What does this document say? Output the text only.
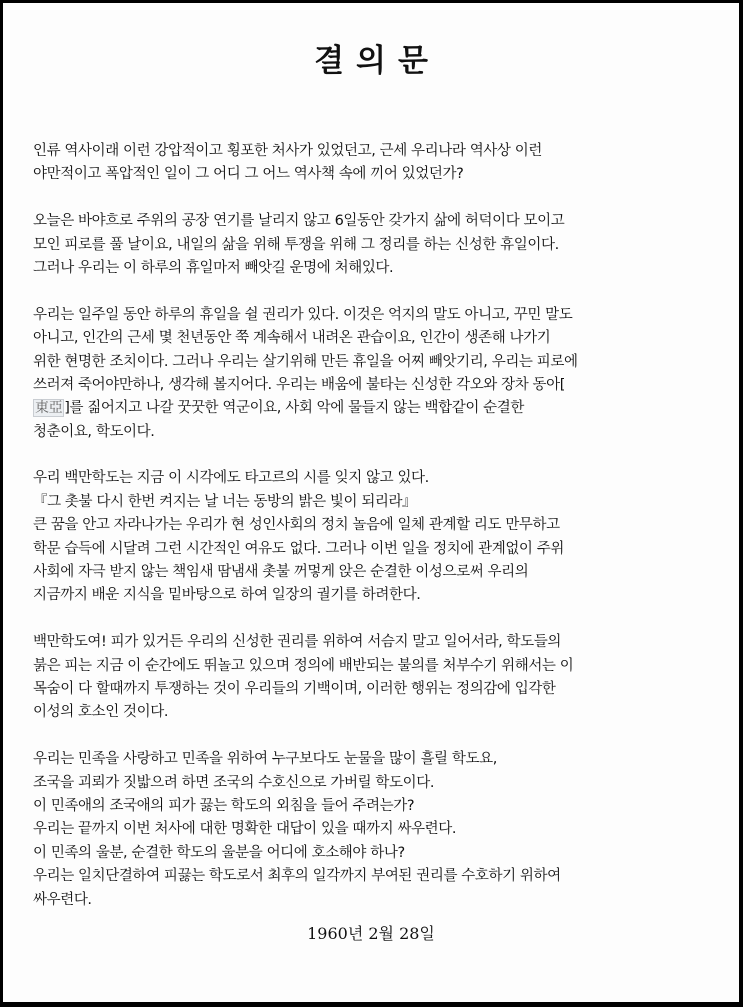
결의문
인류 역사이래 이런 강압적이고 횡포한 처사가 있었던고, 근세 우리나라 역사상 이런
야만적이고 폭압적인 일이 그 어디 그 어느 역사책 속에 끼어 있었던가?
오늘은 바야흐로 주위의 공장 연기를 날리지 않고 6일동안 갖가지 삶에 허덕이다 모이고
모인 피로를 풀 날이요, 내일의 삶을 위해 투쟁을 위해 그 정리를 하는 신성한 휴일이다.
그러나 우리는 이 하루의 휴일마저 빼앗길 운명에 처해있다.
우리는 일주일 동안 하루의 휴일을 쉴 권리가 있다. 이것은 억지의 말도 아니고, 꾸민 말도
아니고, 인간의 근세 몇 천년동안 쭉 계속해서 내려온 관습이요, 인간이 생존해 나가기
위한 현명한 조치이다. 그러나 우리는 살기위해 만든 휴일을 어찌 빼앗기리, 우리는 피로에
쓰러져 죽어야만하나, 생각해 볼지어다. 우리는 배움에 불타는 신성한 각오와 장차 동아[
東亞 ]를 짊어지고 나갈 꿋꿋한 역군이요, 사회 악에 물들지 않는 백합같이 순결한
청춘이요, 학도이다.
우리 백만학도는 지금 이 시각에도 타고르의 시를 잊지 않고 있다.
『그 촛불 다시 한번 켜지는 날 너는 동방의 밝은 빛이 되리라』
큰 꿈을 안고 자라나가는 우리가 현 성인사회의 정치 놀음에 일체 관계할 리도 만무하고
학문 습득에 시달려 그런 시간적인 여유도 없다. 그러나 이번 일을 정치에 관계없이 주위
사회에 자극 받지 않는 책임새 땀냄새 촛불 꺼멓게 앉은 순결한 이성으로써 우리의
지금까지 배운 지식을 밑바탕으로 하여 일장의 궐기를 하려한다.
백만학도여! 피가 있거든 우리의 신성한 권리를 위하여 서슴지 말고 일어서라, 학도들의
붉은 피는 지금 이 순간에도 뛰놀고 있으며 정의에 배반되는 불의를 처부수기 위해서는 이
목숨이 다 할때까지 투쟁하는 것이 우리들의 기백이며, 이러한 행위는 정의감에 입각한
이성의 호소인 것이다.
우리는 민족을 사랑하고 민족을 위하여 누구보다도 눈물을 많이 흘릴 학도요,
조국을 괴뢰가 짓밟으려 하면 조국의 수호신으로 가버릴 학도이다.
이 민족애의 조국애의 피가 끓는 학도의 외침을 들어 주려는가?
우리는 끝까지 이번 처사에 대한 명확한 대답이 있을 때까지 싸우련다.
이 민족의 울분, 순결한 학도의 울분을 어디에 호소해야 하나?
우리는 일치단결하여 피끓는 학도로서 최후의 일각까지 부여된 권리를 수호하기 위하여
싸우련다.
1960년 2월 28일
